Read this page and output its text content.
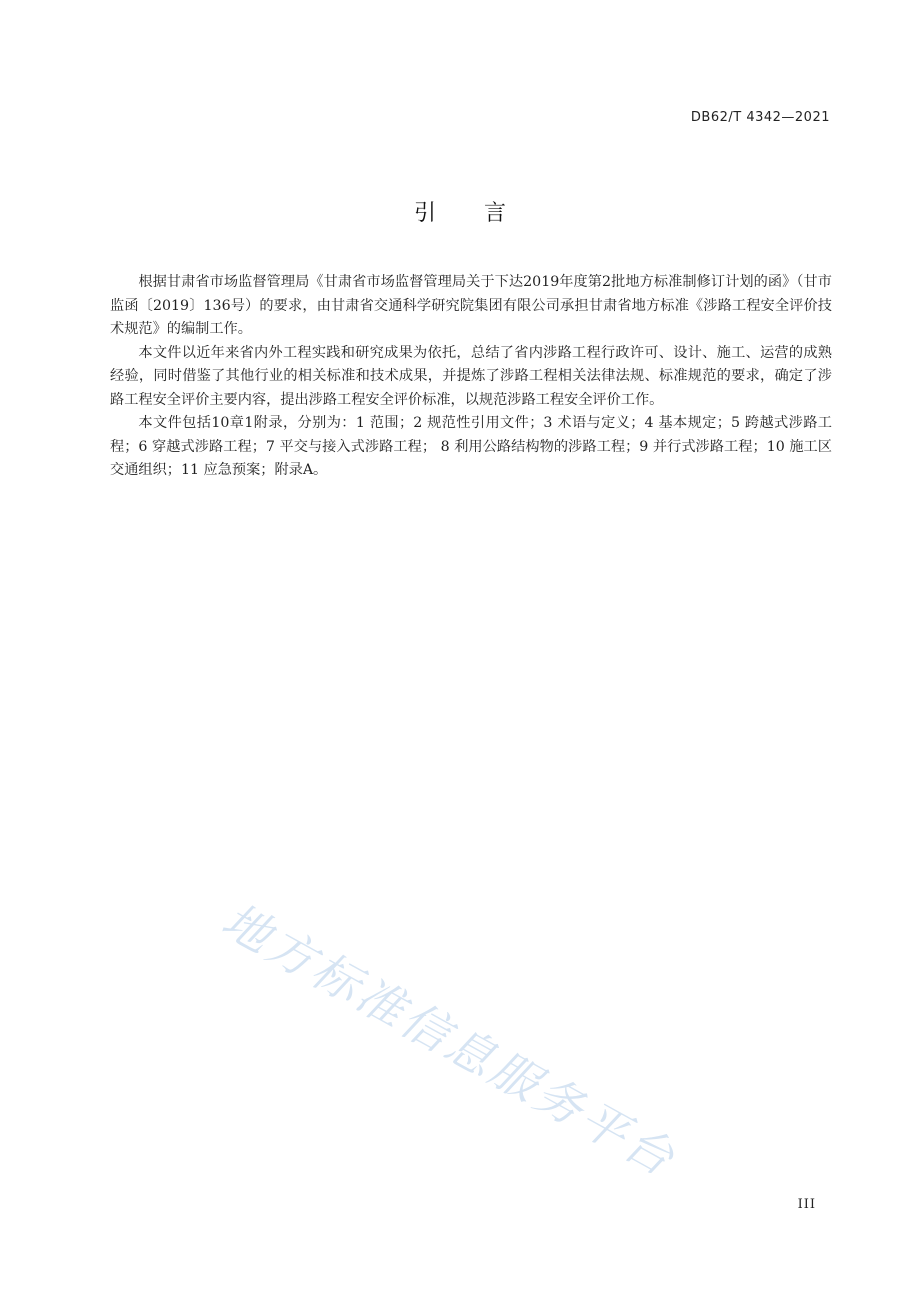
DB62/T 4342—2021
引言

根据甘肃省市场监督管理局《甘肃省市场监督管理局关于下达2019年度第2批地方标准制修订计划的函》（甘市监函〔2019〕136号）的要求，由甘肃省交通科学研究院集团有限公司承担甘肃省地方标准《涉路工程安全评价技术规范》的编制工作。

本文件以近年来省内外工程实践和研究成果为依托，总结了省内涉路工程行政许可、设计、施工、运营的成熟经验，同时借鉴了其他行业的相关标准和技术成果，并提炼了涉路工程相关法律法规、标准规范的要求，确定了涉路工程安全评价主要内容，提出涉路工程安全评价标准，以规范涉路工程安全评价工作。

本文件包括10章1附录，分别为：1 范围；2 规范性引用文件；3 术语与定义；4 基本规定；5 跨越式涉路工程；6 穿越式涉路工程；7 平交与接入式涉路工程； 8 利用公路结构物的涉路工程；9 并行式涉路工程；10 施工区交通组织；11 应急预案；附录A。

地方标准信息服务平台
III
